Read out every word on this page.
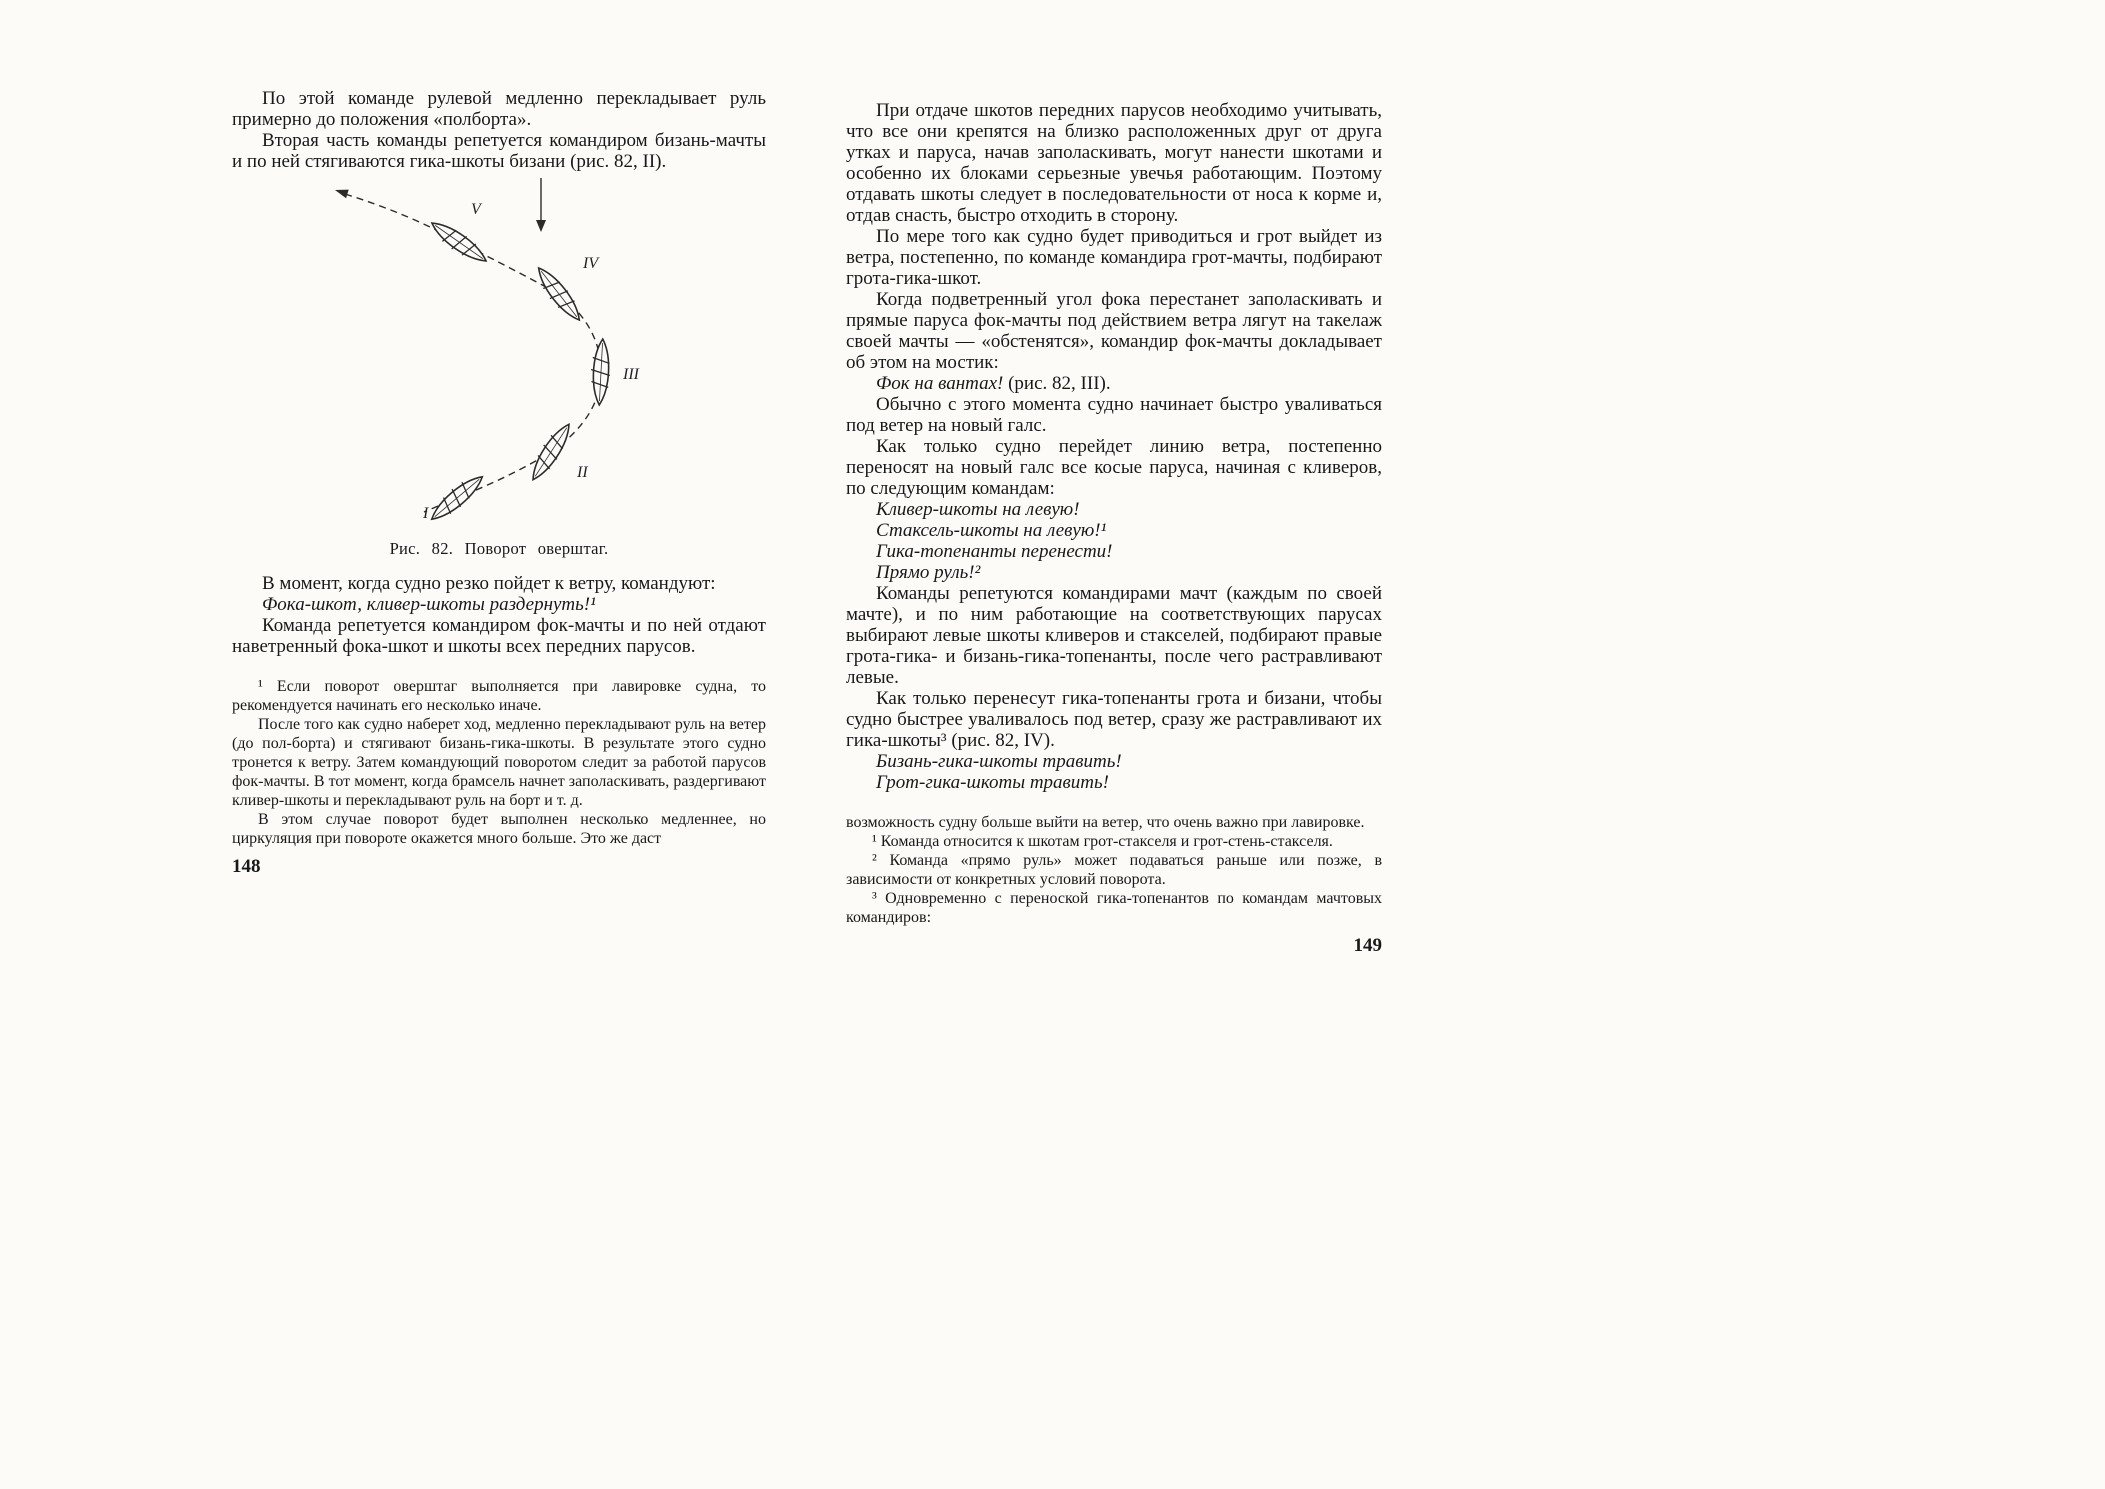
По этой команде рулевой медленно перекладывает руль примерно до положения «полборта».

Вторая часть команды репетуется командиром бизань-мачты и по ней стягиваются гика-шкоты бизани (рис. 82, II).

I
II
III
IV
V
Рис. 82. Поворот оверштаг.

В момент, когда судно резко пойдет к ветру, командуют:

Фока-шкот, кливер-шкоты раздернуть!¹

Команда репетуется командиром фок-мачты и по ней отдают наветренный фока-шкот и шкоты всех передних парусов.

¹ Если поворот оверштаг выполняется при лавировке судна, то рекомендуется начинать его несколько иначе.

После того как судно наберет ход, медленно перекладывают руль на ветер (до пол-борта) и стягивают бизань-гика-шкоты. В результате этого судно тронется к ветру. Затем командующий поворотом следит за работой парусов фок-мачты. В тот момент, когда брамсель начнет заполаскивать, раздергивают кливер-шкоты и перекладывают руль на борт и т. д.

В этом случае поворот будет выполнен несколько медленнее, но циркуляция при повороте окажется много больше. Это же даст

148

При отдаче шкотов передних парусов необходимо учитывать, что все они крепятся на близко расположенных друг от друга утках и паруса, начав заполаскивать, могут нанести шкотами и особенно их блоками серьезные увечья работающим. Поэтому отдавать шкоты следует в последовательности от носа к корме и, отдав снасть, быстро отходить в сторону.

По мере того как судно будет приводиться и грот выйдет из ветра, постепенно, по команде командира грот-мачты, подбирают грота-гика-шкот.

Когда подветренный угол фока перестанет заполаскивать и прямые паруса фок-мачты под действием ветра лягут на такелаж своей мачты — «обстенятся», командир фок-мачты докладывает об этом на мостик:

Фок на вантах! (рис. 82, III).

Обычно с этого момента судно начинает быстро уваливаться под ветер на новый галс.

Как только судно перейдет линию ветра, постепенно переносят на новый галс все косые паруса, начиная с кливеров, по следующим командам:

Кливер-шкоты на левую!

Стаксель-шкоты на левую!¹

Гика-топенанты перенести!

Прямо руль!²

Команды репетуются командирами мачт (каждым по своей мачте), и по ним работающие на соответствующих парусах выбирают левые шкоты кливеров и стакселей, подбирают правые грота-гика- и бизань-гика-топенанты, после чего растравливают левые.

Как только перенесут гика-топенанты грота и бизани, чтобы судно быстрее уваливалось под ветер, сразу же растравливают их гика-шкоты³ (рис. 82, IV).

Бизань-гика-шкоты травить!

Грот-гика-шкоты травить!

возможность судну больше выйти на ветер, что очень важно при лавировке.

¹ Команда относится к шкотам грот-стакселя и грот-стень-стакселя.

² Команда «прямо руль» может подаваться раньше или позже, в зависимости от конкретных условий поворота.

³ Одновременно с переноской гика-топенантов по командам мачтовых командиров:

149
